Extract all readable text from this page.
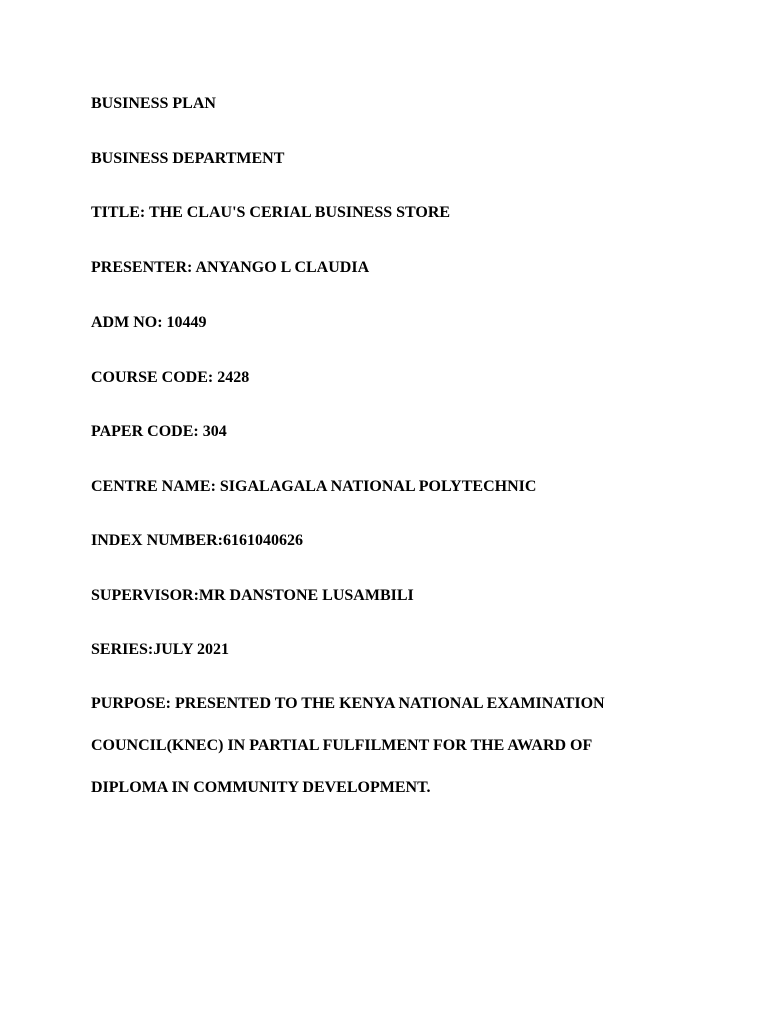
BUSINESS PLAN
BUSINESS DEPARTMENT
TITLE: THE CLAU'S CERIAL BUSINESS STORE
PRESENTER: ANYANGO L CLAUDIA
ADM NO: 10449
COURSE CODE: 2428
PAPER CODE: 304
CENTRE NAME: SIGALAGALA NATIONAL POLYTECHNIC
INDEX NUMBER:6161040626
SUPERVISOR:MR DANSTONE LUSAMBILI
SERIES:JULY 2021
PURPOSE: PRESENTED TO THE KENYA NATIONAL EXAMINATION
COUNCIL(KNEC) IN PARTIAL FULFILMENT FOR THE AWARD OF
DIPLOMA IN COMMUNITY DEVELOPMENT.
